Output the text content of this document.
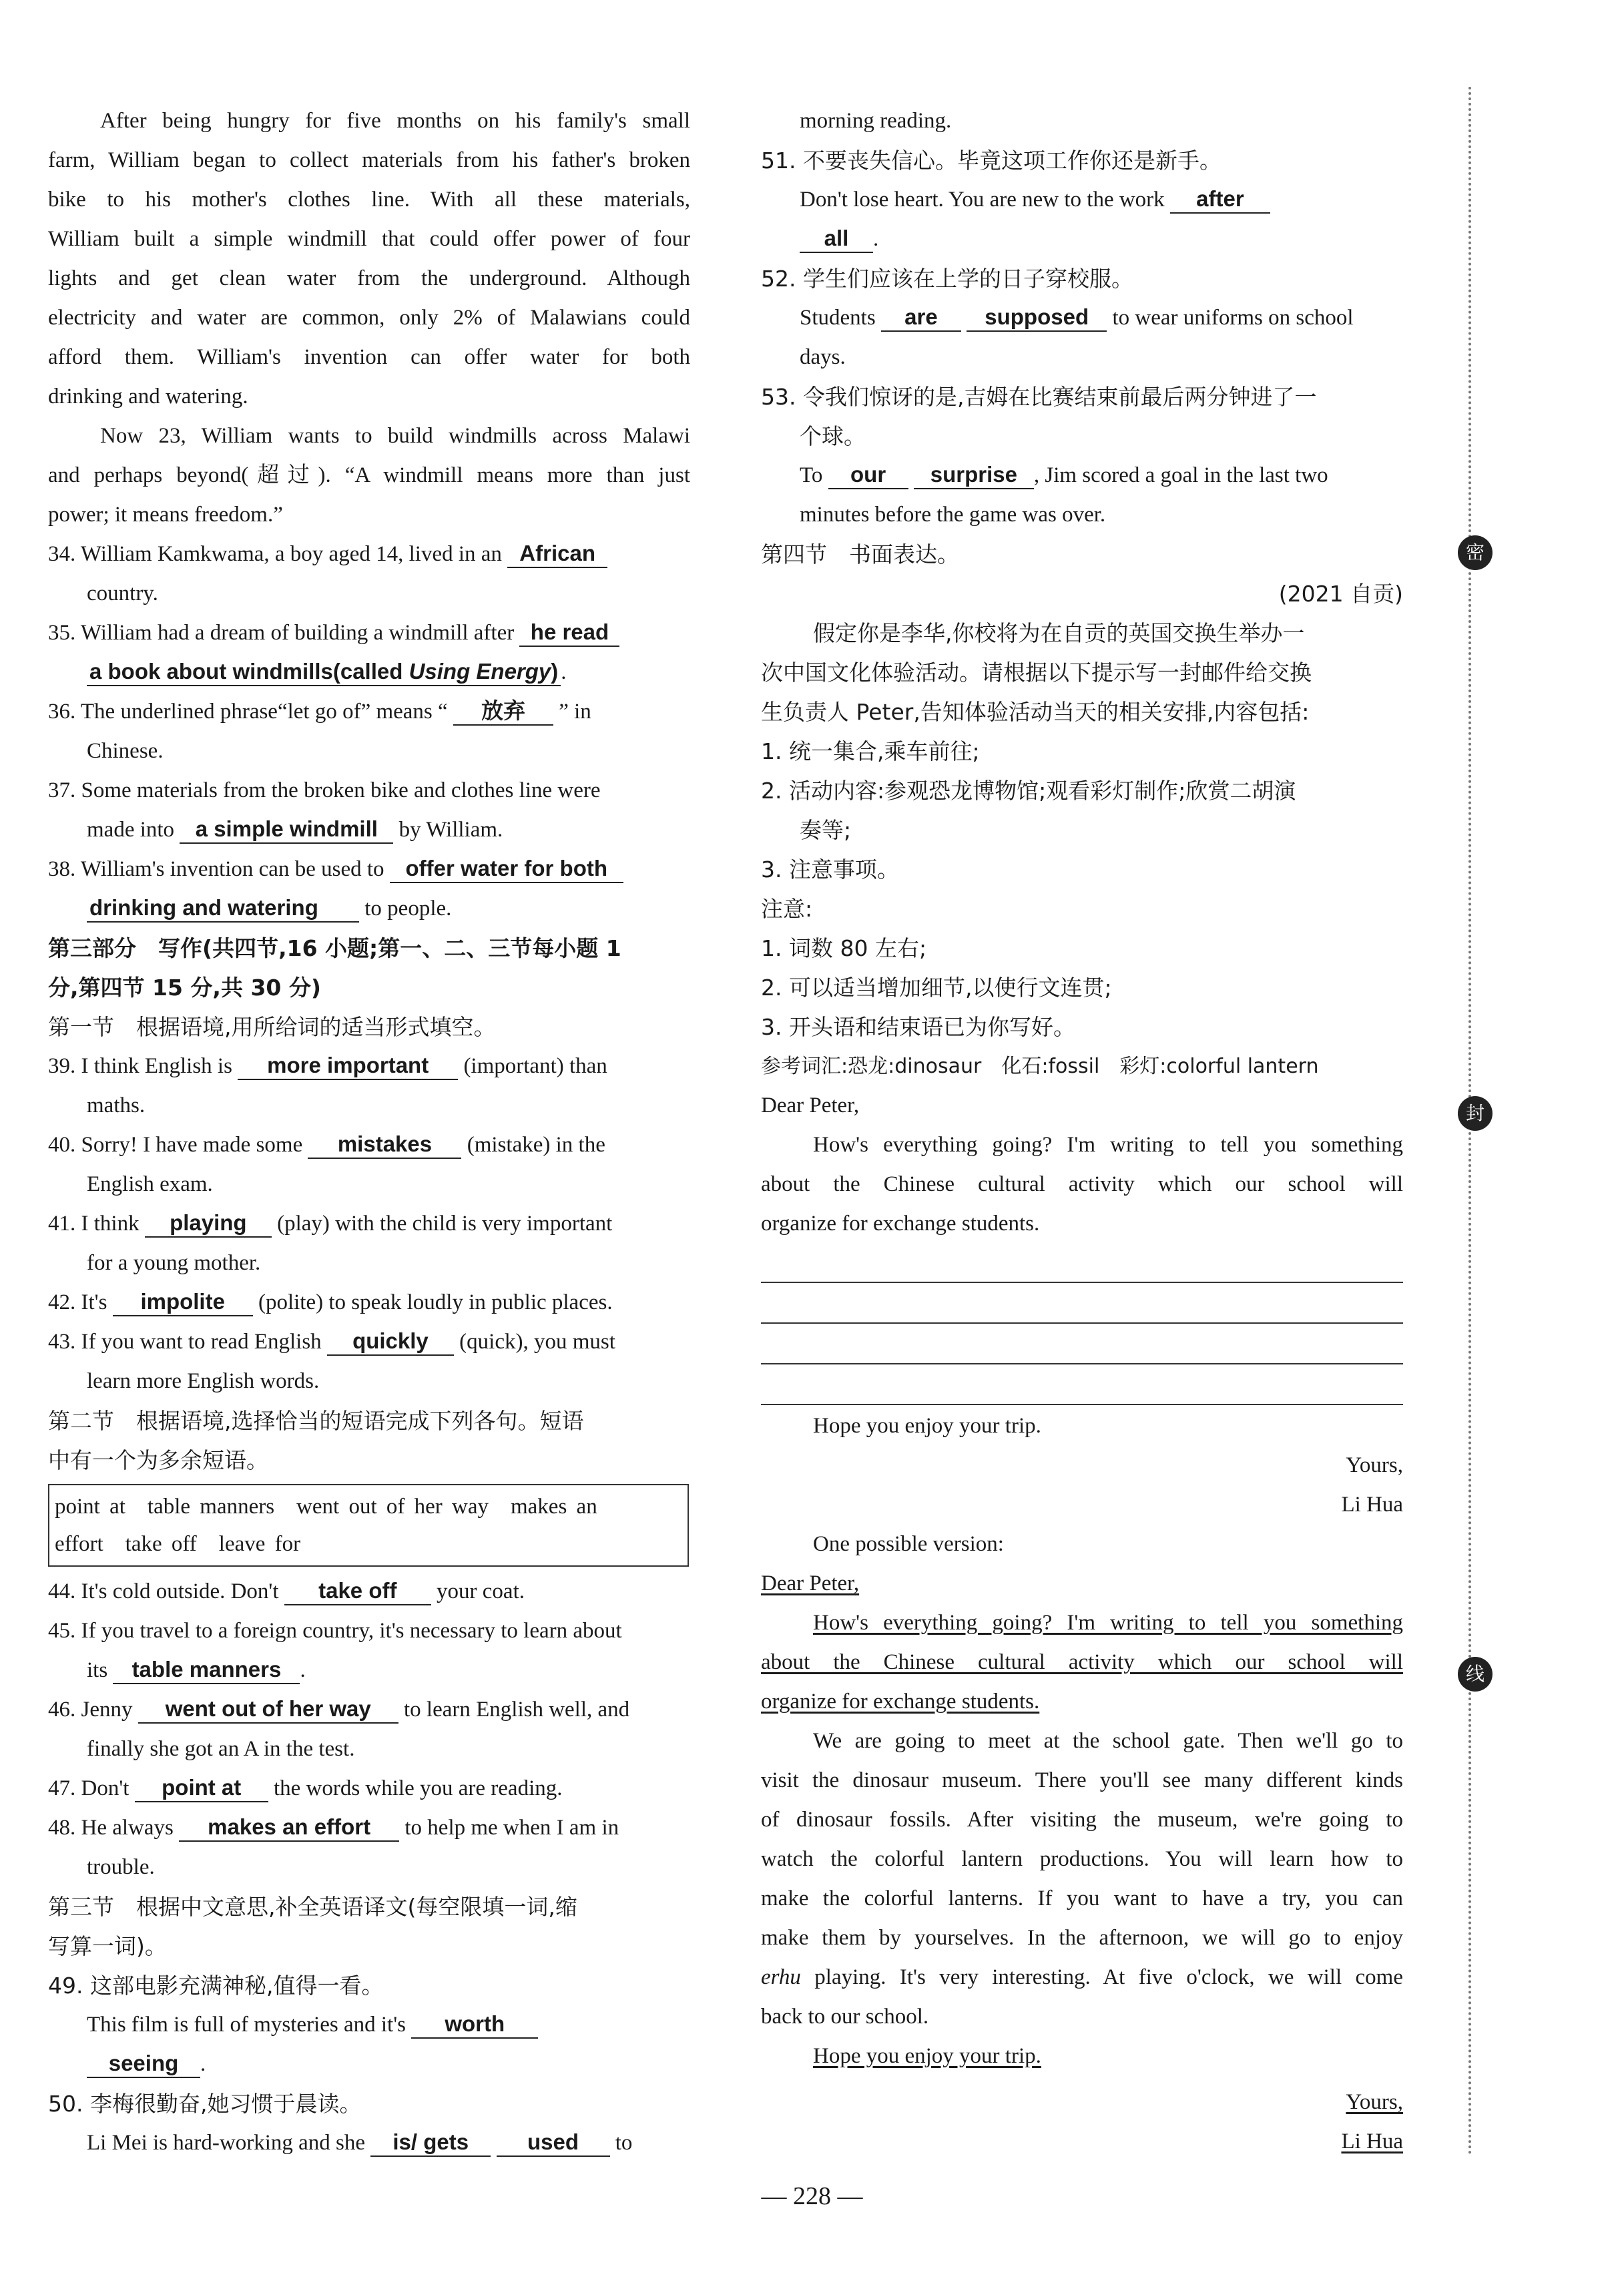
After being hungry for five months on his family's small

farm, William began to collect materials from his father's broken

bike to his mother's clothes line. With all these materials,

William built a simple windmill that could offer power of four

lights and get clean water from the underground. Although

electricity and water are common, only 2% of Malawians could

afford them. William's invention can offer water for both

drinking and watering.

Now 23, William wants to build windmills across Malawi

and perhaps beyond(超过). “A windmill means more than just

power; it means freedom.”

34. William Kamkwama, a boy aged 14, lived in an African

country.

35. William had a dream of building a windmill after he read

a book about windmills(called Using Energy) .

36. The underlined phrase“let go of” means “ 放弃 ” in

Chinese.

37. Some materials from the broken bike and clothes line were

made into a simple windmill by William.

38. William's invention can be used to offer water for both

drinking and watering to people.

第三部分　写作(共四节,16 小题;第一、二、三节每小题 1

分,第四节 15 分,共 30 分)

第一节　根据语境,用所给词的适当形式填空。

39. I think English is more important (important) than

maths.

40. Sorry! I have made some mistakes (mistake) in the

English exam.

41. I think playing (play) with the child is very important

for a young mother.

42. It's impolite (polite) to speak loudly in public places.

43. If you want to read English quickly (quick), you must

learn more English words.

第二节　根据语境,选择恰当的短语完成下列各句。短语

中有一个为多余短语。

point at　table manners　went out of her way　makes an

effort　take off　leave for

44. It's cold outside. Don't take off your coat.

45. If you travel to a foreign country, it's necessary to learn about

its table manners .

46. Jenny went out of her way to learn English well, and

finally she got an A in the test.

47. Don't point at the words while you are reading.

48. He always makes an effort to help me when I am in

trouble.

第三节　根据中文意思,补全英语译文(每空限填一词,缩

写算一词)。

49. 这部电影充满神秘,值得一看。

This film is full of mysteries and it's worth

seeing .

50. 李梅很勤奋,她习惯于晨读。

Li Mei is hard-working and she is/ gets	used to

morning reading.

51. 不要丧失信心。毕竟这项工作你还是新手。

Don't lose heart. You are new to the work after

all .

52. 学生们应该在上学的日子穿校服。

Students are supposed to wear uniforms on school

days.

53. 令我们惊讶的是,吉姆在比赛结束前最后两分钟进了一

个球。

To our surprise , Jim scored a goal in the last two

minutes before the game was over.

第四节　书面表达。

(2021 自贡)

假定你是李华,你校将为在自贡的英国交换生举办一

次中国文化体验活动。请根据以下提示写一封邮件给交换

生负责人 Peter,告知体验活动当天的相关安排,内容包括:

1. 统一集合,乘车前往;

2. 活动内容:参观恐龙博物馆;观看彩灯制作;欣赏二胡演

奏等;

3. 注意事项。

注意:

1. 词数 80 左右;

2. 可以适当增加细节,以使行文连贯;

3. 开头语和结束语已为你写好。

参考词汇:恐龙:dinosaur　化石:fossil　彩灯:colorful lantern

Dear Peter,

How's everything going? I'm writing to tell you something

about the Chinese cultural activity which our school will

organize for exchange students.

Hope you enjoy your trip.

Yours,

Li Hua

One possible version:

Dear Peter,

How's everything going? I'm writing to tell you something

about the Chinese cultural activity which our school will

organize for exchange students.

We are going to meet at the school gate. Then we'll go to

visit the dinosaur museum. There you'll see many different kinds

of dinosaur fossils. After visiting the museum, we're going to

watch the colorful lantern productions. You will learn how to

make the colorful lanterns. If you want to have a try, you can

make them by yourselves. In the afternoon, we will go to enjoy

erhu playing. It's very interesting. At five o'clock, we will come

back to our school.

Hope you enjoy your trip.

Yours,

Li Hua

密
封
线
— 228 —
